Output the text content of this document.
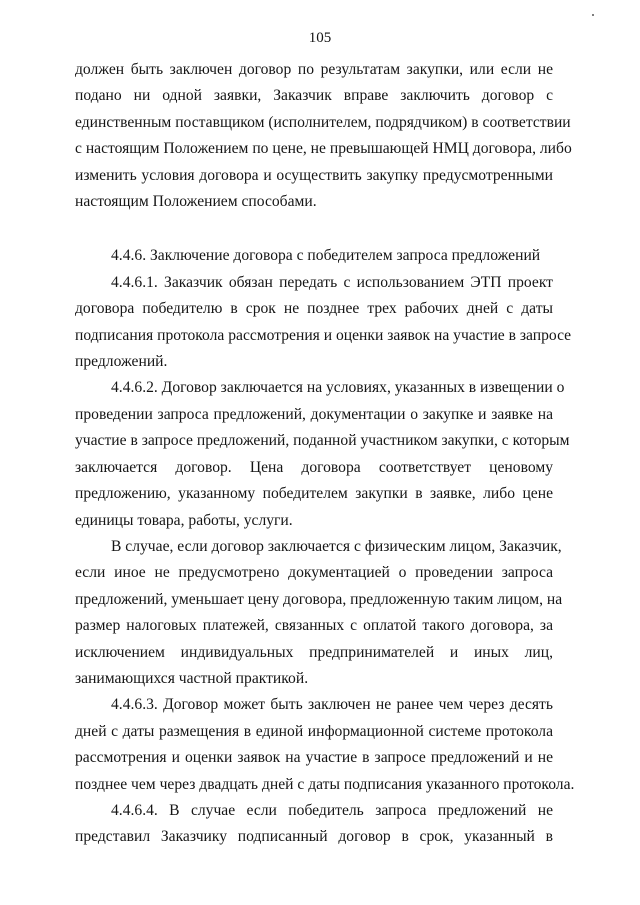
105
должен быть заключен договор по результатам закупки, или если не
подано ни одной заявки, Заказчик вправе заключить договор с
единственным поставщиком (исполнителем, подрядчиком) в соответствии
с настоящим Положением по цене, не превышающей НМЦ договора, либо
изменить условия договора и осуществить закупку предусмотренными
настоящим Положением способами.
4.4.6. Заключение договора с победителем запроса предложений
4.4.6.1. Заказчик обязан передать с использованием ЭТП проект
договора победителю в срок не позднее трех рабочих дней с даты
подписания протокола рассмотрения и оценки заявок на участие в запросе
предложений.
4.4.6.2. Договор заключается на условиях, указанных в извещении о
проведении запроса предложений, документации о закупке и заявке на
участие в запросе предложений, поданной участником закупки, с которым
заключается договор. Цена договора соответствует ценовому
предложению, указанному победителем закупки в заявке, либо цене
единицы товара, работы, услуги.
В случае, если договор заключается с физическим лицом, Заказчик,
если иное не предусмотрено документацией о проведении запроса
предложений, уменьшает цену договора, предложенную таким лицом, на
размер налоговых платежей, связанных с оплатой такого договора, за
исключением индивидуальных предпринимателей и иных лиц,
занимающихся частной практикой.
4.4.6.3. Договор может быть заключен не ранее чем через десять
дней с даты размещения в единой информационной системе протокола
рассмотрения и оценки заявок на участие в запросе предложений и не
позднее чем через двадцать дней с даты подписания указанного протокола.
4.4.6.4. В случае если победитель запроса предложений не
представил Заказчику подписанный договор в срок, указанный в
